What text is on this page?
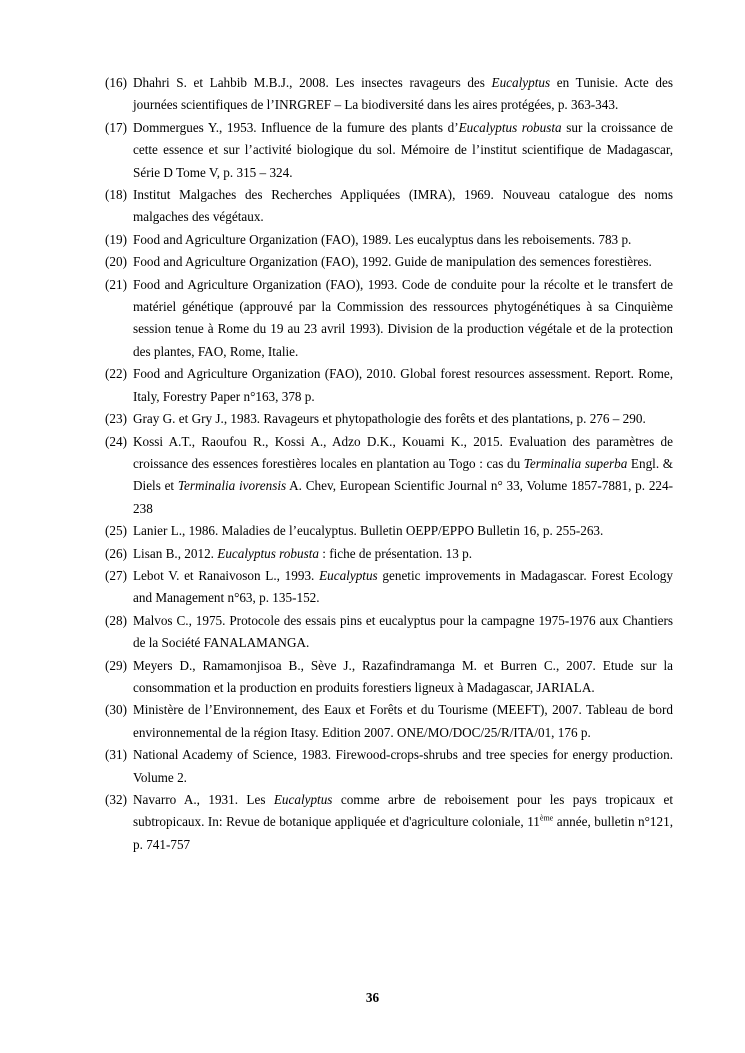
(16) Dhahri S. et Lahbib M.B.J., 2008. Les insectes ravageurs des Eucalyptus en Tunisie. Acte des journées scientifiques de l’INRGREF – La biodiversité dans les aires protégées, p. 363-343.
(17) Dommergues Y., 1953. Influence de la fumure des plants d’Eucalyptus robusta sur la croissance de cette essence et sur l’activité biologique du sol. Mémoire de l’institut scientifique de Madagascar, Série D Tome V, p. 315 – 324.
(18) Institut Malgaches des Recherches Appliquées (IMRA), 1969. Nouveau catalogue des noms malgaches des végétaux.
(19) Food and Agriculture Organization (FAO), 1989. Les eucalyptus dans les reboisements. 783 p.
(20) Food and Agriculture Organization (FAO), 1992. Guide de manipulation des semences forestières.
(21) Food and Agriculture Organization (FAO), 1993. Code de conduite pour la récolte et le transfert de matériel génétique (approuvé par la Commission des ressources phytogénétiques à sa Cinquième session tenue à Rome du 19 au 23 avril 1993). Division de la production végétale et de la protection des plantes, FAO, Rome, Italie.
(22) Food and Agriculture Organization (FAO), 2010. Global forest resources assessment. Report. Rome, Italy, Forestry Paper n°163, 378 p.
(23) Gray G. et Gry J., 1983. Ravageurs et phytopathologie des forêts et des plantations, p. 276 – 290.
(24) Kossi A.T., Raoufou R., Kossi A., Adzo D.K., Kouami K., 2015. Evaluation des paramètres de croissance des essences forestières locales en plantation au Togo : cas du Terminalia superba Engl. & Diels et Terminalia ivorensis A. Chev, European Scientific Journal n° 33, Volume 1857-7881, p. 224-238
(25) Lanier L., 1986. Maladies de l’eucalyptus. Bulletin OEPP/EPPO Bulletin 16, p. 255-263.
(26) Lisan B., 2012. Eucalyptus robusta : fiche de présentation. 13 p.
(27) Lebot V. et Ranaivoson L., 1993. Eucalyptus genetic improvements in Madagascar. Forest Ecology and Management n°63, p. 135-152.
(28) Malvos C., 1975. Protocole des essais pins et eucalyptus pour la campagne 1975-1976 aux Chantiers de la Société FANALAMANGA.
(29) Meyers D., Ramamonjisoa B., Sève J., Razafindramanga M. et Burren C., 2007. Etude sur la consommation et la production en produits forestiers ligneux à Madagascar, JARIALA.
(30) Ministère de l’Environnement, des Eaux et Forêts et du Tourisme (MEEFT), 2007. Tableau de bord environnemental de la région Itasy. Edition 2007. ONE/MO/DOC/25/R/ITA/01, 176 p.
(31) National Academy of Science, 1983. Firewood-crops-shrubs and tree species for energy production. Volume 2.
(32) Navarro A., 1931. Les Eucalyptus comme arbre de reboisement pour les pays tropicaux et subtropicaux. In: Revue de botanique appliquée et d'agriculture coloniale, 11ème année, bulletin n°121, p. 741-757
36
